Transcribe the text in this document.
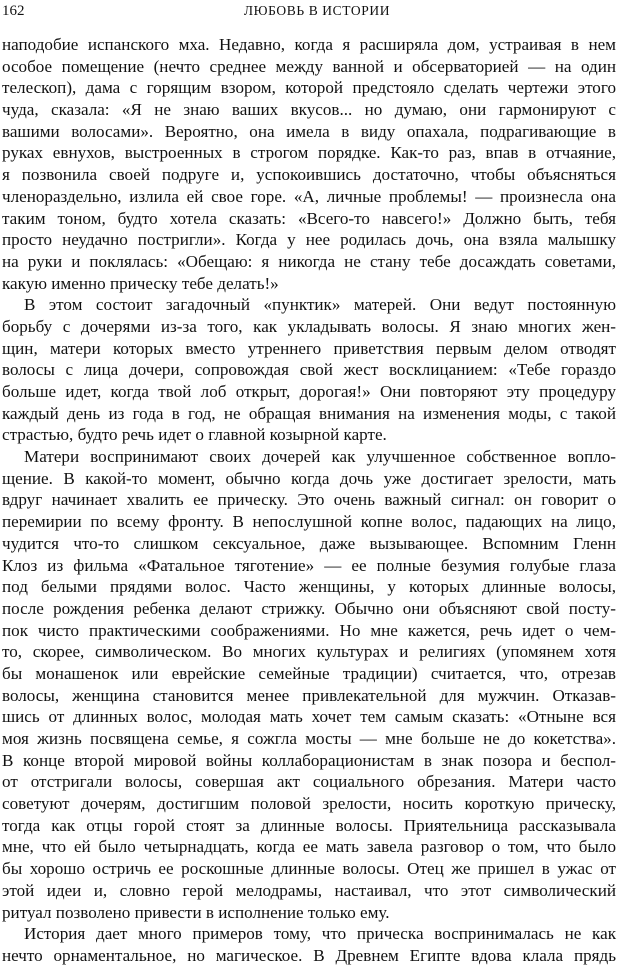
162	ЛЮБОВЬ В ИСТОРИИ
наподобие испанского мха. Недавно, когда я расширяла дом, устраивая в нем
особое помещение (нечто среднее между ванной и обсерваторией — на один
телескоп), дама с горящим взором, которой предстояло сделать чертежи этого
чуда, сказала: «Я не знаю ваших вкусов... но думаю, они гармонируют с
вашими волосами». Вероятно, она имела в виду опахала, подрагивающие в
руках евнухов, выстроенных в строгом порядке. Как-то раз, впав в отчаяние,
я позвонила своей подруге и, успокоившись достаточно, чтобы объясняться
членораздельно, излила ей свое горе. «А, личные проблемы! — произнесла она
таким тоном, будто хотела сказать: «Всего-то навсего!» Должно быть, тебя
просто неудачно постригли». Когда у нее родилась дочь, она взяла малышку
на руки и поклялась: «Обещаю: я никогда не стану тебе досаждать советами,
какую именно прическу тебе делать!»
В этом состоит загадочный «пунктик» матерей. Они ведут постоянную
борьбу с дочерями из-за того, как укладывать волосы. Я знаю многих жен-
щин, матери которых вместо утреннего приветствия первым делом отводят
волосы с лица дочери, сопровождая свой жест восклицанием: «Тебе гораздо
больше идет, когда твой лоб открыт, дорогая!» Они повторяют эту процедуру
каждый день из года в год, не обращая внимания на изменения моды, с такой
страстью, будто речь идет о главной козырной карте.
Матери воспринимают своих дочерей как улучшенное собственное вопло-
щение. В какой-то момент, обычно когда дочь уже достигает зрелости, мать
вдруг начинает хвалить ее прическу. Это очень важный сигнал: он говорит о
перемирии по всему фронту. В непослушной копне волос, падающих на лицо,
чудится что-то слишком сексуальное, даже вызывающее. Вспомним Гленн
Клоз из фильма «Фатальное тяготение» — ее полные безумия голубые глаза
под белыми прядями волос. Часто женщины, у которых длинные волосы,
после рождения ребенка делают стрижку. Обычно они объясняют свой посту-
пок чисто практическими соображениями. Но мне кажется, речь идет о чем-
то, скорее, символическом. Во многих культурах и религиях (упомянем хотя
бы монашенок или еврейские семейные традиции) считается, что, отрезав
волосы, женщина становится менее привлекательной для мужчин. Отказав-
шись от длинных волос, молодая мать хочет тем самым сказать: «Отныне вся
моя жизнь посвящена семье, я сожгла мосты — мне больше не до кокетства».
В конце второй мировой войны коллаборационистам в знак позора и беспол-
от отстригали волосы, совершая акт социального обрезания. Матери часто
советуют дочерям, достигшим половой зрелости, носить короткую прическу,
тогда как отцы горой стоят за длинные волосы. Приятельница рассказывала
мне, что ей было четырнадцать, когда ее мать завела разговор о том, что было
бы хорошо остричь ее роскошные длинные волосы. Отец же пришел в ужас от
этой идеи и, словно герой мелодрамы, настаивал, что этот символический
ритуал позволено привести в исполнение только ему.
История дает много примеров тому, что прическа воспринималась не как
нечто орнаментальное, но магическое. В Древнем Египте вдова клала прядь
